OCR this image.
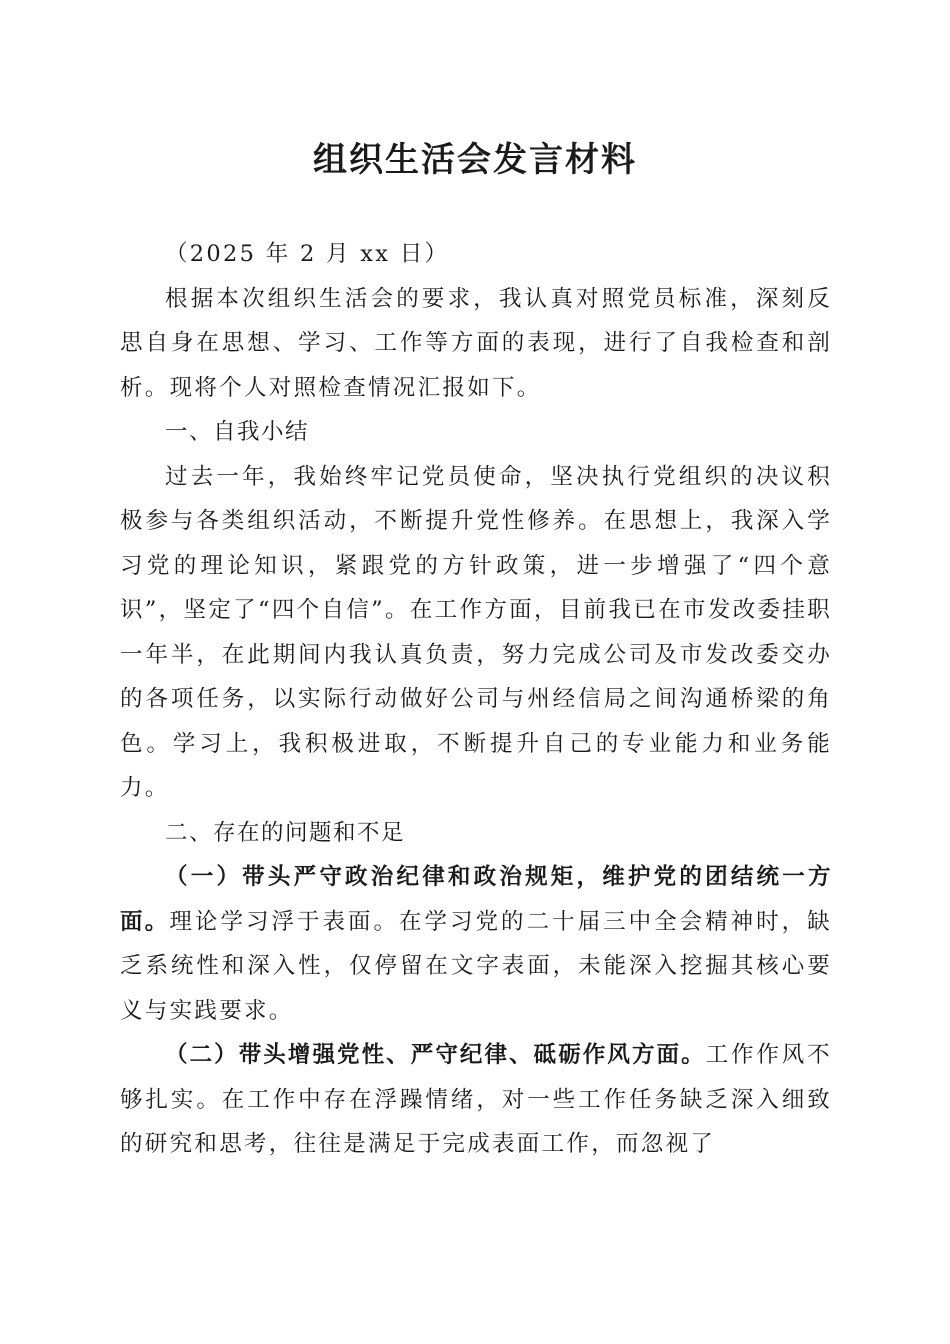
组织生活会发言材料

（2025 年 2 月 xx 日）

根据本次组织生活会的要求，我认真对照党员标准，深刻反思自身在思想、学习、工作等方面的表现，进行了自我检查和剖析。现将个人对照检查情况汇报如下。

一、自我小结

过去一年，我始终牢记党员使命，坚决执行党组织的决议积极参与各类组织活动，不断提升党性修养。在思想上，我深入学习党的理论知识，紧跟党的方针政策，进一步增强了“四个意识”，坚定了“四个自信”。在工作方面，目前我已在市发改委挂职一年半，在此期间内我认真负责，努力完成公司及市发改委交办的各项任务，以实际行动做好公司与州经信局之间沟通桥梁的角色。学习上，我积极进取，不断提升自己的专业能力和业务能力。

二、存在的问题和不足

（一）带头严守政治纪律和政治规矩，维护党的团结统一方面。理论学习浮于表面。在学习党的二十届三中全会精神时，缺乏系统性和深入性，仅停留在文字表面，未能深入挖掘其核心要义与实践要求。

（二）带头增强党性、严守纪律、砥砺作风方面。工作作风不够扎实。在工作中存在浮躁情绪，对一些工作任务缺乏深入细致的研究和思考，往往是满足于完成表面工作，而忽视了
